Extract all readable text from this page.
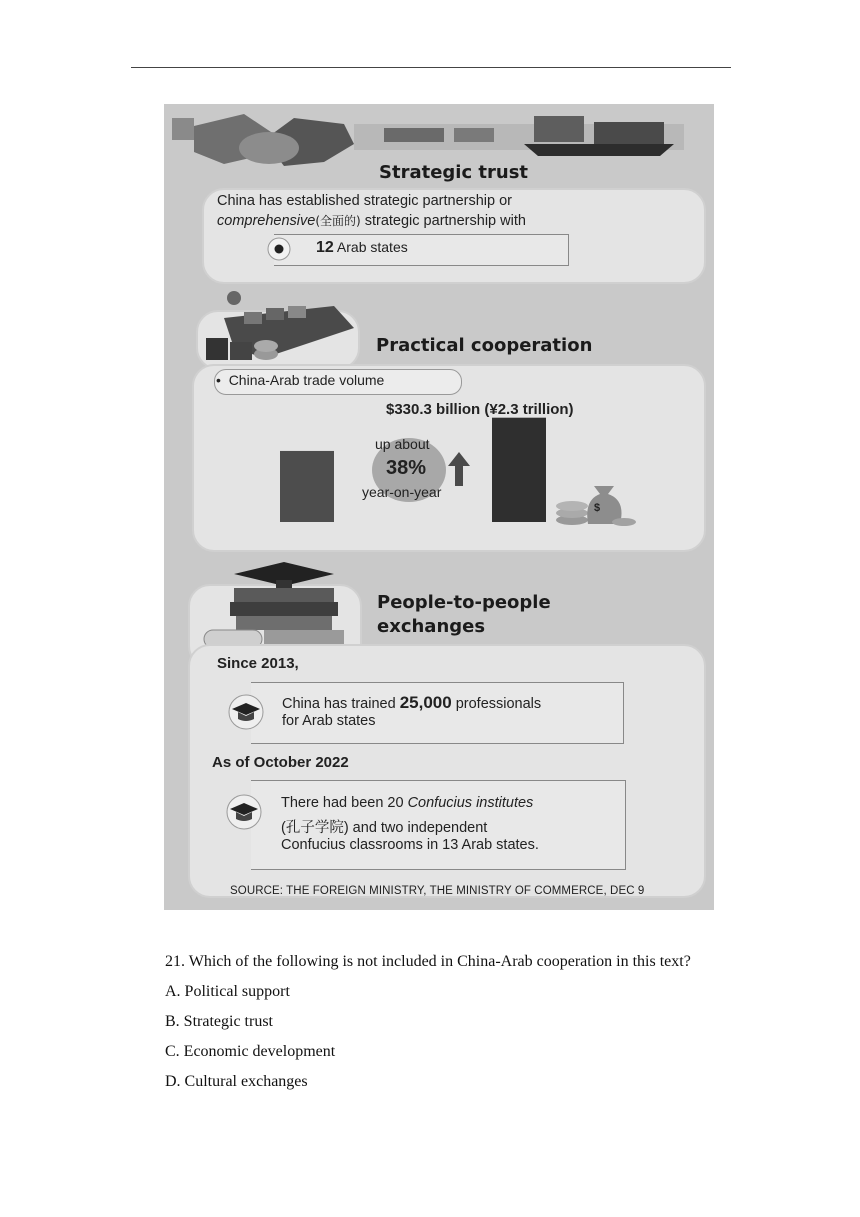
Strategic trust
China has established strategic partnership or
comprehensive(全面的) strategic partnership with
12 Arab states
Practical cooperation
• China-Arab trade volume
$330.3 billion (¥2.3 trillion)
up about
38%
year-on-year
$
People-to-people
exchanges
Since 2013,
China has trained 25,000 professionals
for Arab states
As of October 2022
There had been 20 Confucius institutes
(孔子学院) and two independent
Confucius classrooms in 13 Arab states.
SOURCE: THE FOREIGN MINISTRY, THE MINISTRY OF COMMERCE, DEC 9
21. Which of the following is not included in China-Arab cooperation in this text?
A. Political support
B. Strategic trust
C. Economic development
D. Cultural exchanges
